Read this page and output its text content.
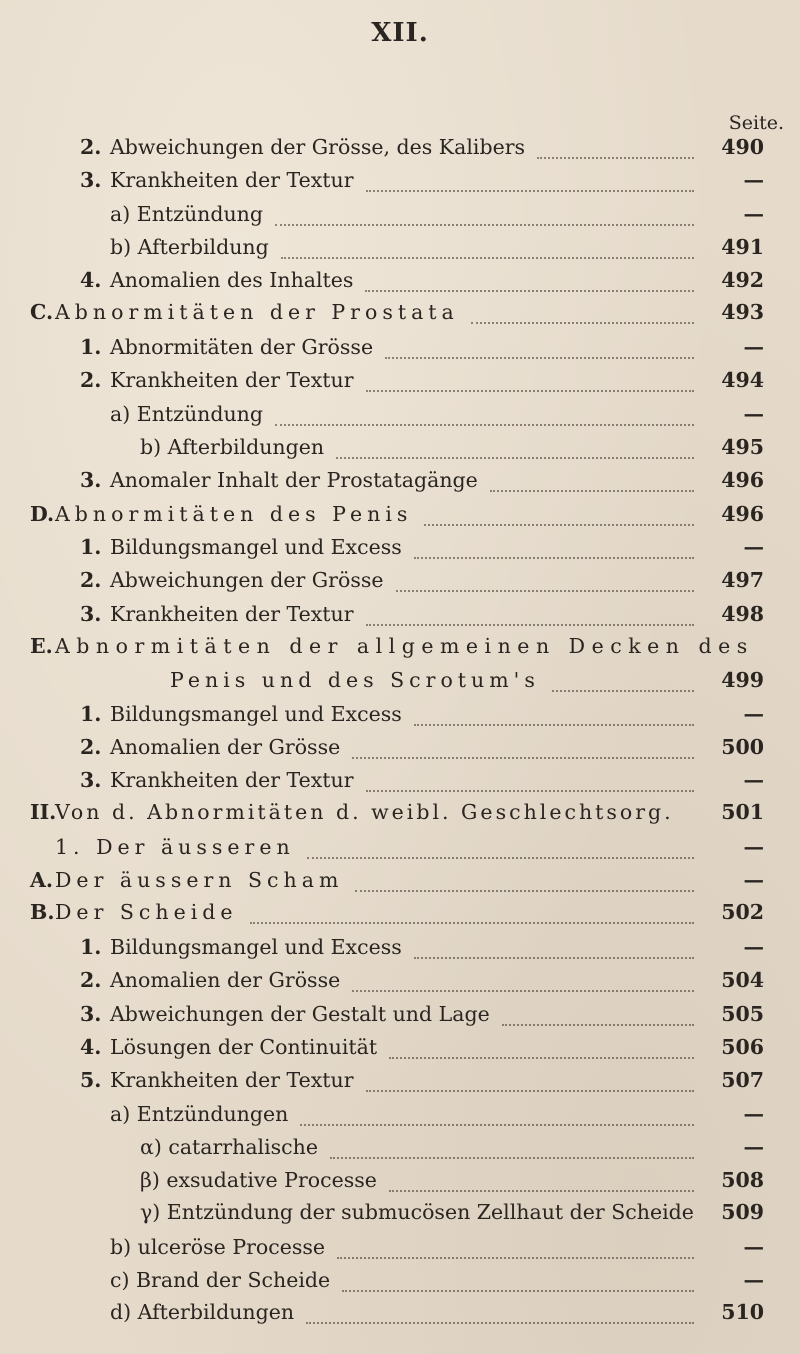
XII.
Seite.
2. Abweichungen der Grösse, des Kalibers	490
3. Krankheiten der Textur	—
a) Entzündung	—
b) Afterbildung	491
4. Anomalien des Inhaltes	492
C. Abnormitäten der Prostata	493
1. Abnormitäten der Grösse	—
2. Krankheiten der Textur	494
a) Entzündung	—
b) Afterbildungen	495
3. Anomaler Inhalt der Prostatagänge	496
D. Abnormitäten des Penis	496
1. Bildungsmangel und Excess	—
2. Abweichungen der Grösse	497
3. Krankheiten der Textur	498
E. Abnormitäten der allgemeinen Decken des
Penis und des Scrotum's	499
1. Bildungsmangel und Excess	—
2. Anomalien der Grösse	500
3. Krankheiten der Textur	—
II.
Von d. Abnormitäten d. weibl. Geschlechtsorg. 501
1. Der äusseren	—
A. Der äussern Scham	—
B. Der Scheide	502
1. Bildungsmangel und Excess	—
2. Anomalien der Grösse	504
3. Abweichungen der Gestalt und Lage	505
4. Lösungen der Continuität	506
5. Krankheiten der Textur	507
a) Entzündungen	—
α) catarrhalische	—
β) exsudative Processe	508
γ) Entzündung der submucösen Zellhaut der Scheide 509
b) ulceröse Processe	—
c) Brand der Scheide	—
d) Afterbildungen	510
